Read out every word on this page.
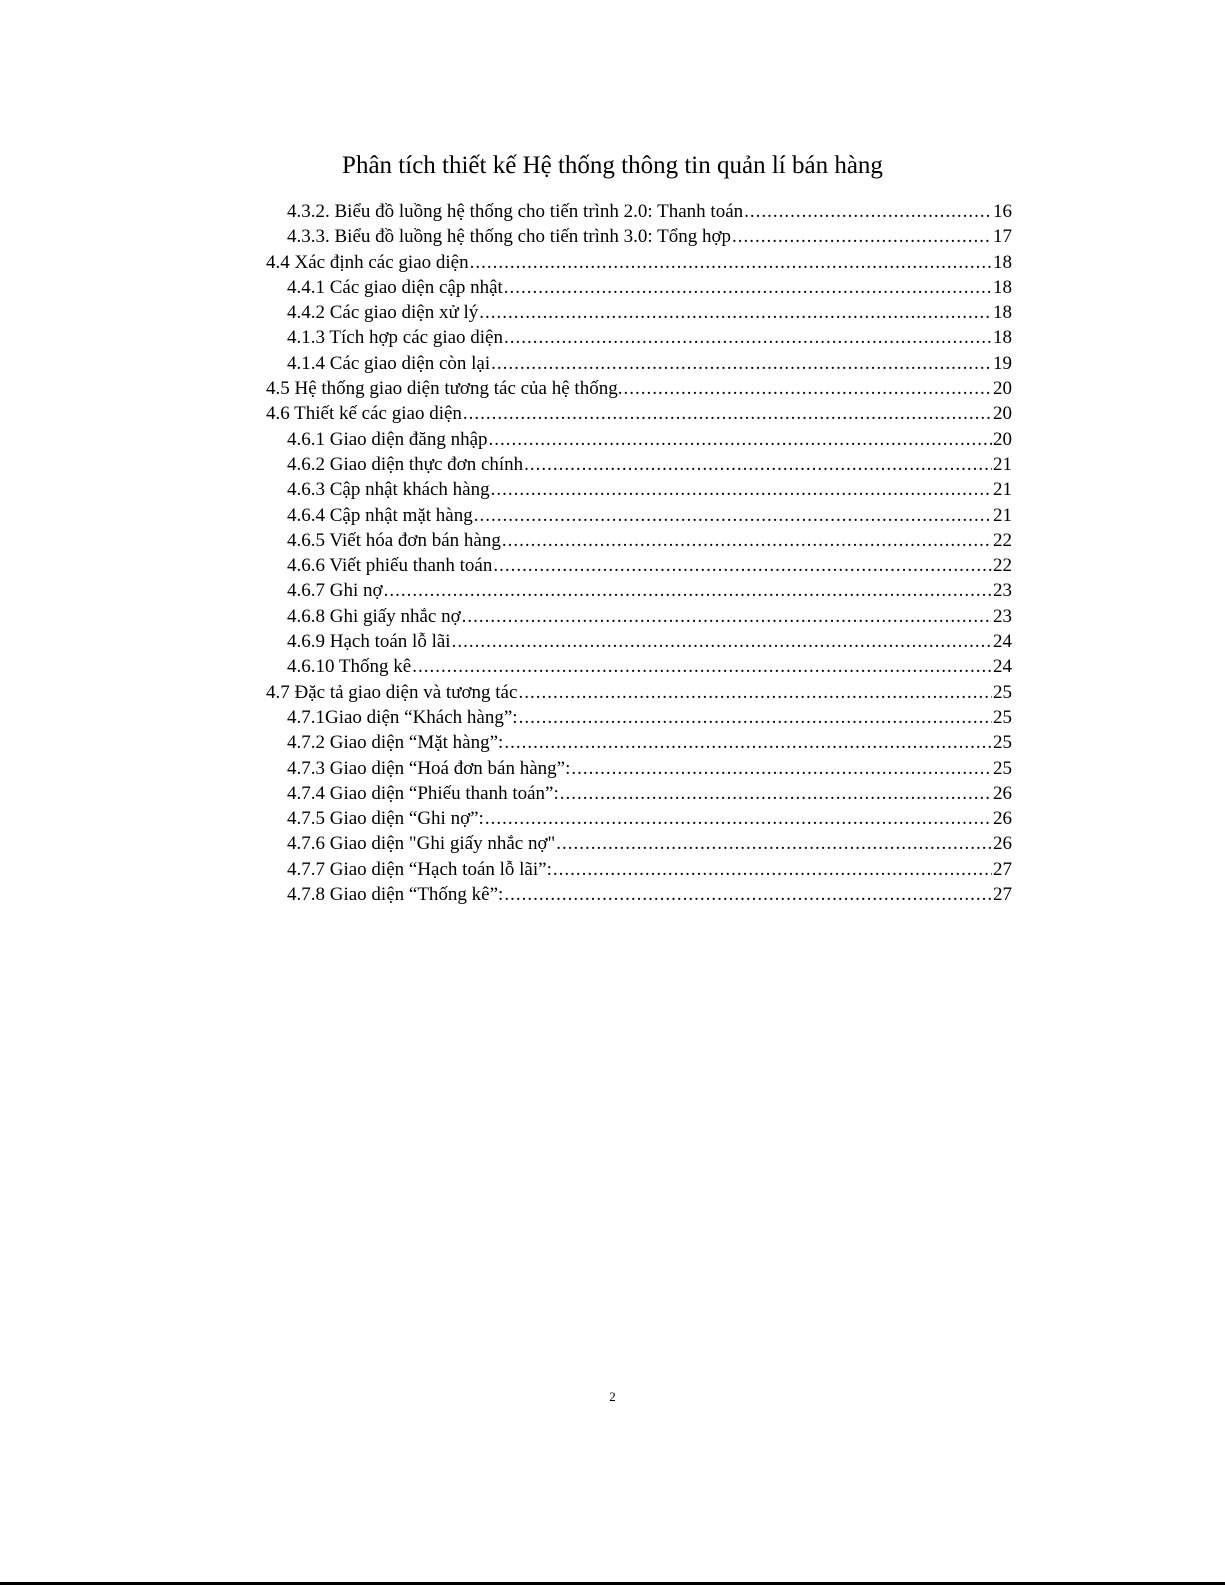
Phân tích thiết kế Hệ thống thông tin quản lí bán hàng
4.3.2. Biểu đồ luồng hệ thống cho tiến trình 2.0: Thanh toán .....	16
4.3.3. Biểu đồ luồng hệ thống cho tiến trình 3.0: Tổng hợp .....	17
4.4 Xác định các giao diện .....	18
4.4.1 Các giao diện cập nhật .....	18
4.4.2 Các giao diện xử lý .....	18
4.1.3 Tích hợp các giao diện .....	18
4.1.4 Các giao diện còn lại .....	19
4.5 Hệ thống giao diện tương tác của hệ thống. .....	20
4.6 Thiết kế các giao diện .....	20
4.6.1 Giao diện đăng nhập .....	20
4.6.2 Giao diện thực đơn chính .....	21
4.6.3 Cập nhật khách hàng .....	21
4.6.4 Cập nhật mặt hàng .....	21
4.6.5 Viết hóa đơn bán hàng .....	22
4.6.6 Viết phiếu thanh toán .....	22
4.6.7 Ghi nợ .....	23
4.6.8 Ghi giấy nhắc nợ .....	23
4.6.9 Hạch toán lỗ lãi .....	24
4.6.10 Thống kê .....	24
4.7 Đặc tả giao diện và tương tác .....	25
4.7.1Giao diện “Khách hàng”: .....	25
4.7.2 Giao diện “Mặt hàng”: .....	25
4.7.3 Giao diện “Hoá đơn bán hàng”: .....	25
4.7.4 Giao diện “Phiếu thanh toán”: .....	26
4.7.5 Giao diện “Ghi nợ”: .....	26
4.7.6 Giao diện "Ghi giấy nhắc nợ" .....	26
4.7.7 Giao diện “Hạch toán lỗ lãi”: .....	27
4.7.8 Giao diện “Thống kê”: .....	27
2
